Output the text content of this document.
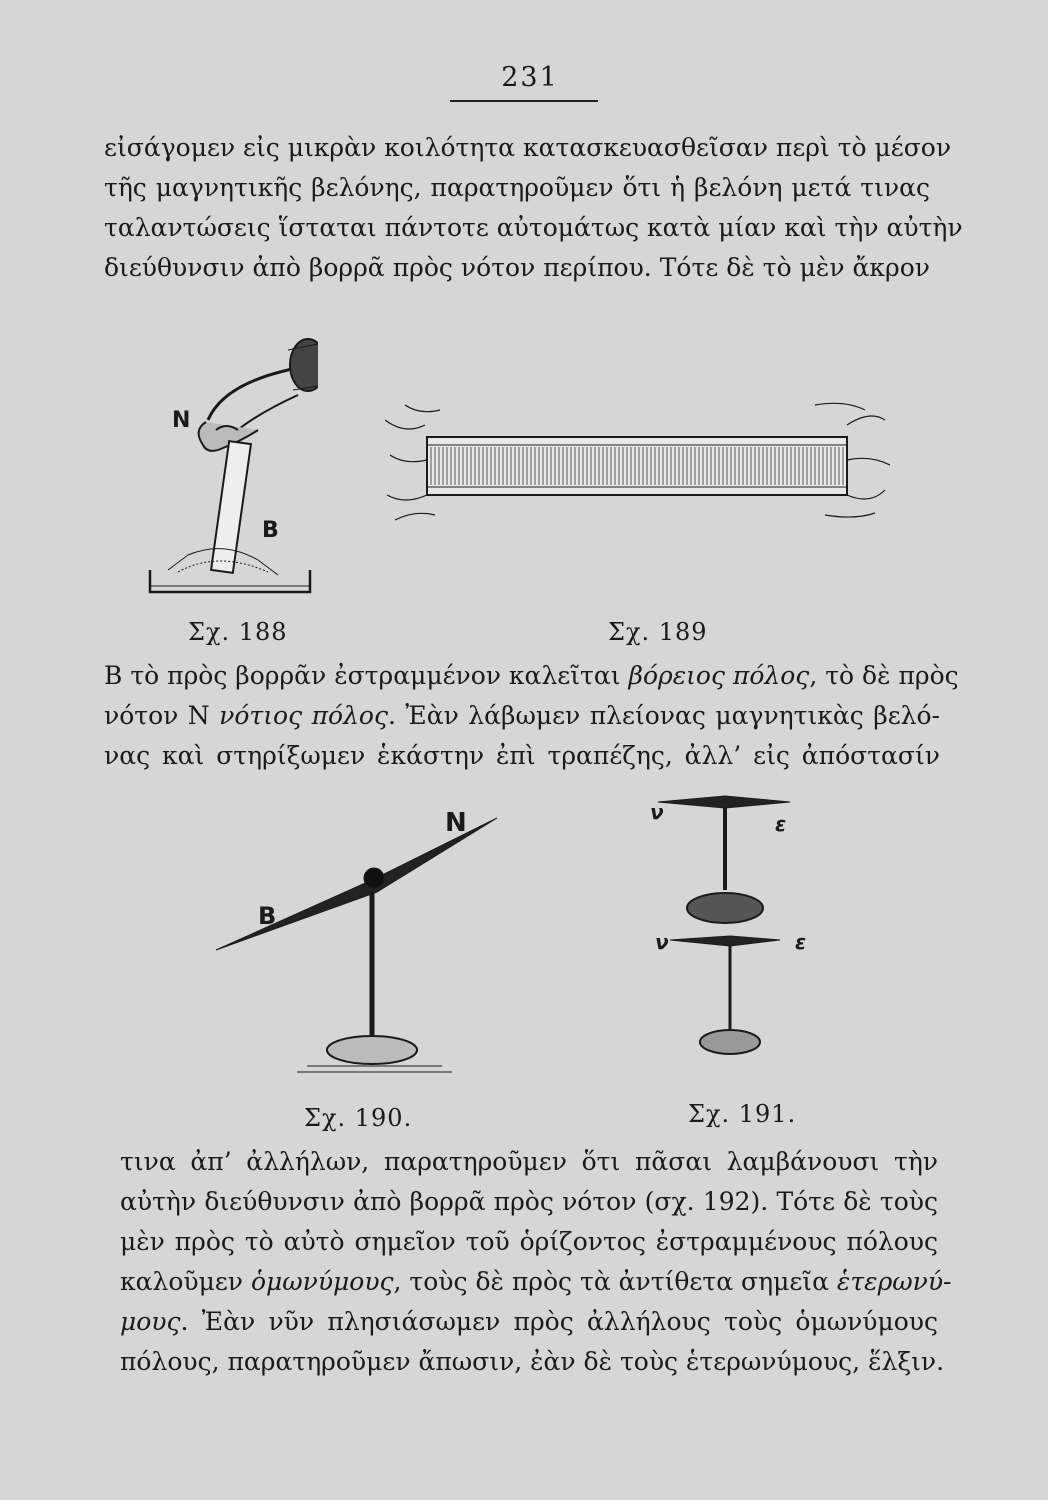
231

εἰσάγομεν εἰς μικρὰν κοιλότητα κατασκευασθεῖσαν περὶ τὸ μέσον

τῆς μαγνητικῆς βελόνης, παρατηροῦμεν ὅτι ἡ βελόνη μετά τινας

ταλαντώσεις ἵσταται πάντοτε αὐτομάτως κατὰ μίαν καὶ τὴν αὐτὴν

διεύθυνσιν ἀπὸ βορρᾶ πρὸς νότον περίπου. Τότε δὲ τὸ μὲν ἄκρον

N
B
Σχ. 188	Σχ. 189

B τὸ πρὸς βορρᾶν ἐστραμμένον καλεῖται βόρειος πόλος, τὸ δὲ πρὸς

νότον N νότιος πόλος. Ἐὰν λάβωμεν πλείονας μαγνητικὰς βελό-

νας καὶ στηρίξωμεν ἑκάστην ἐπὶ τραπέζης, ἀλλ’ εἰς ἀπόστασίν

N
B
Σχ. 190.
ν	ε
ν	ε
Σχ. 191.

τινα ἀπ’ ἀλλήλων, παρατηροῦμεν ὅτι πᾶσαι λαμβάνουσι τὴν

αὐτὴν διεύθυνσιν ἀπὸ βορρᾶ πρὸς νότον (σχ. 192). Τότε δὲ τοὺς

μὲν πρὸς τὸ αὐτὸ σημεῖον τοῦ ὁρίζοντος ἐστραμμένους πόλους

καλοῦμεν ὁμωνύμους, τοὺς δὲ πρὸς τὰ ἀντίθετα σημεῖα ἑτερωνύ-

μους. Ἐὰν νῦν πλησιάσωμεν πρὸς ἀλλήλους τοὺς ὁμωνύμους

πόλους, παρατηροῦμεν ἄπωσιν, ἐὰν δὲ τοὺς ἑτερωνύμους, ἕλξιν.
